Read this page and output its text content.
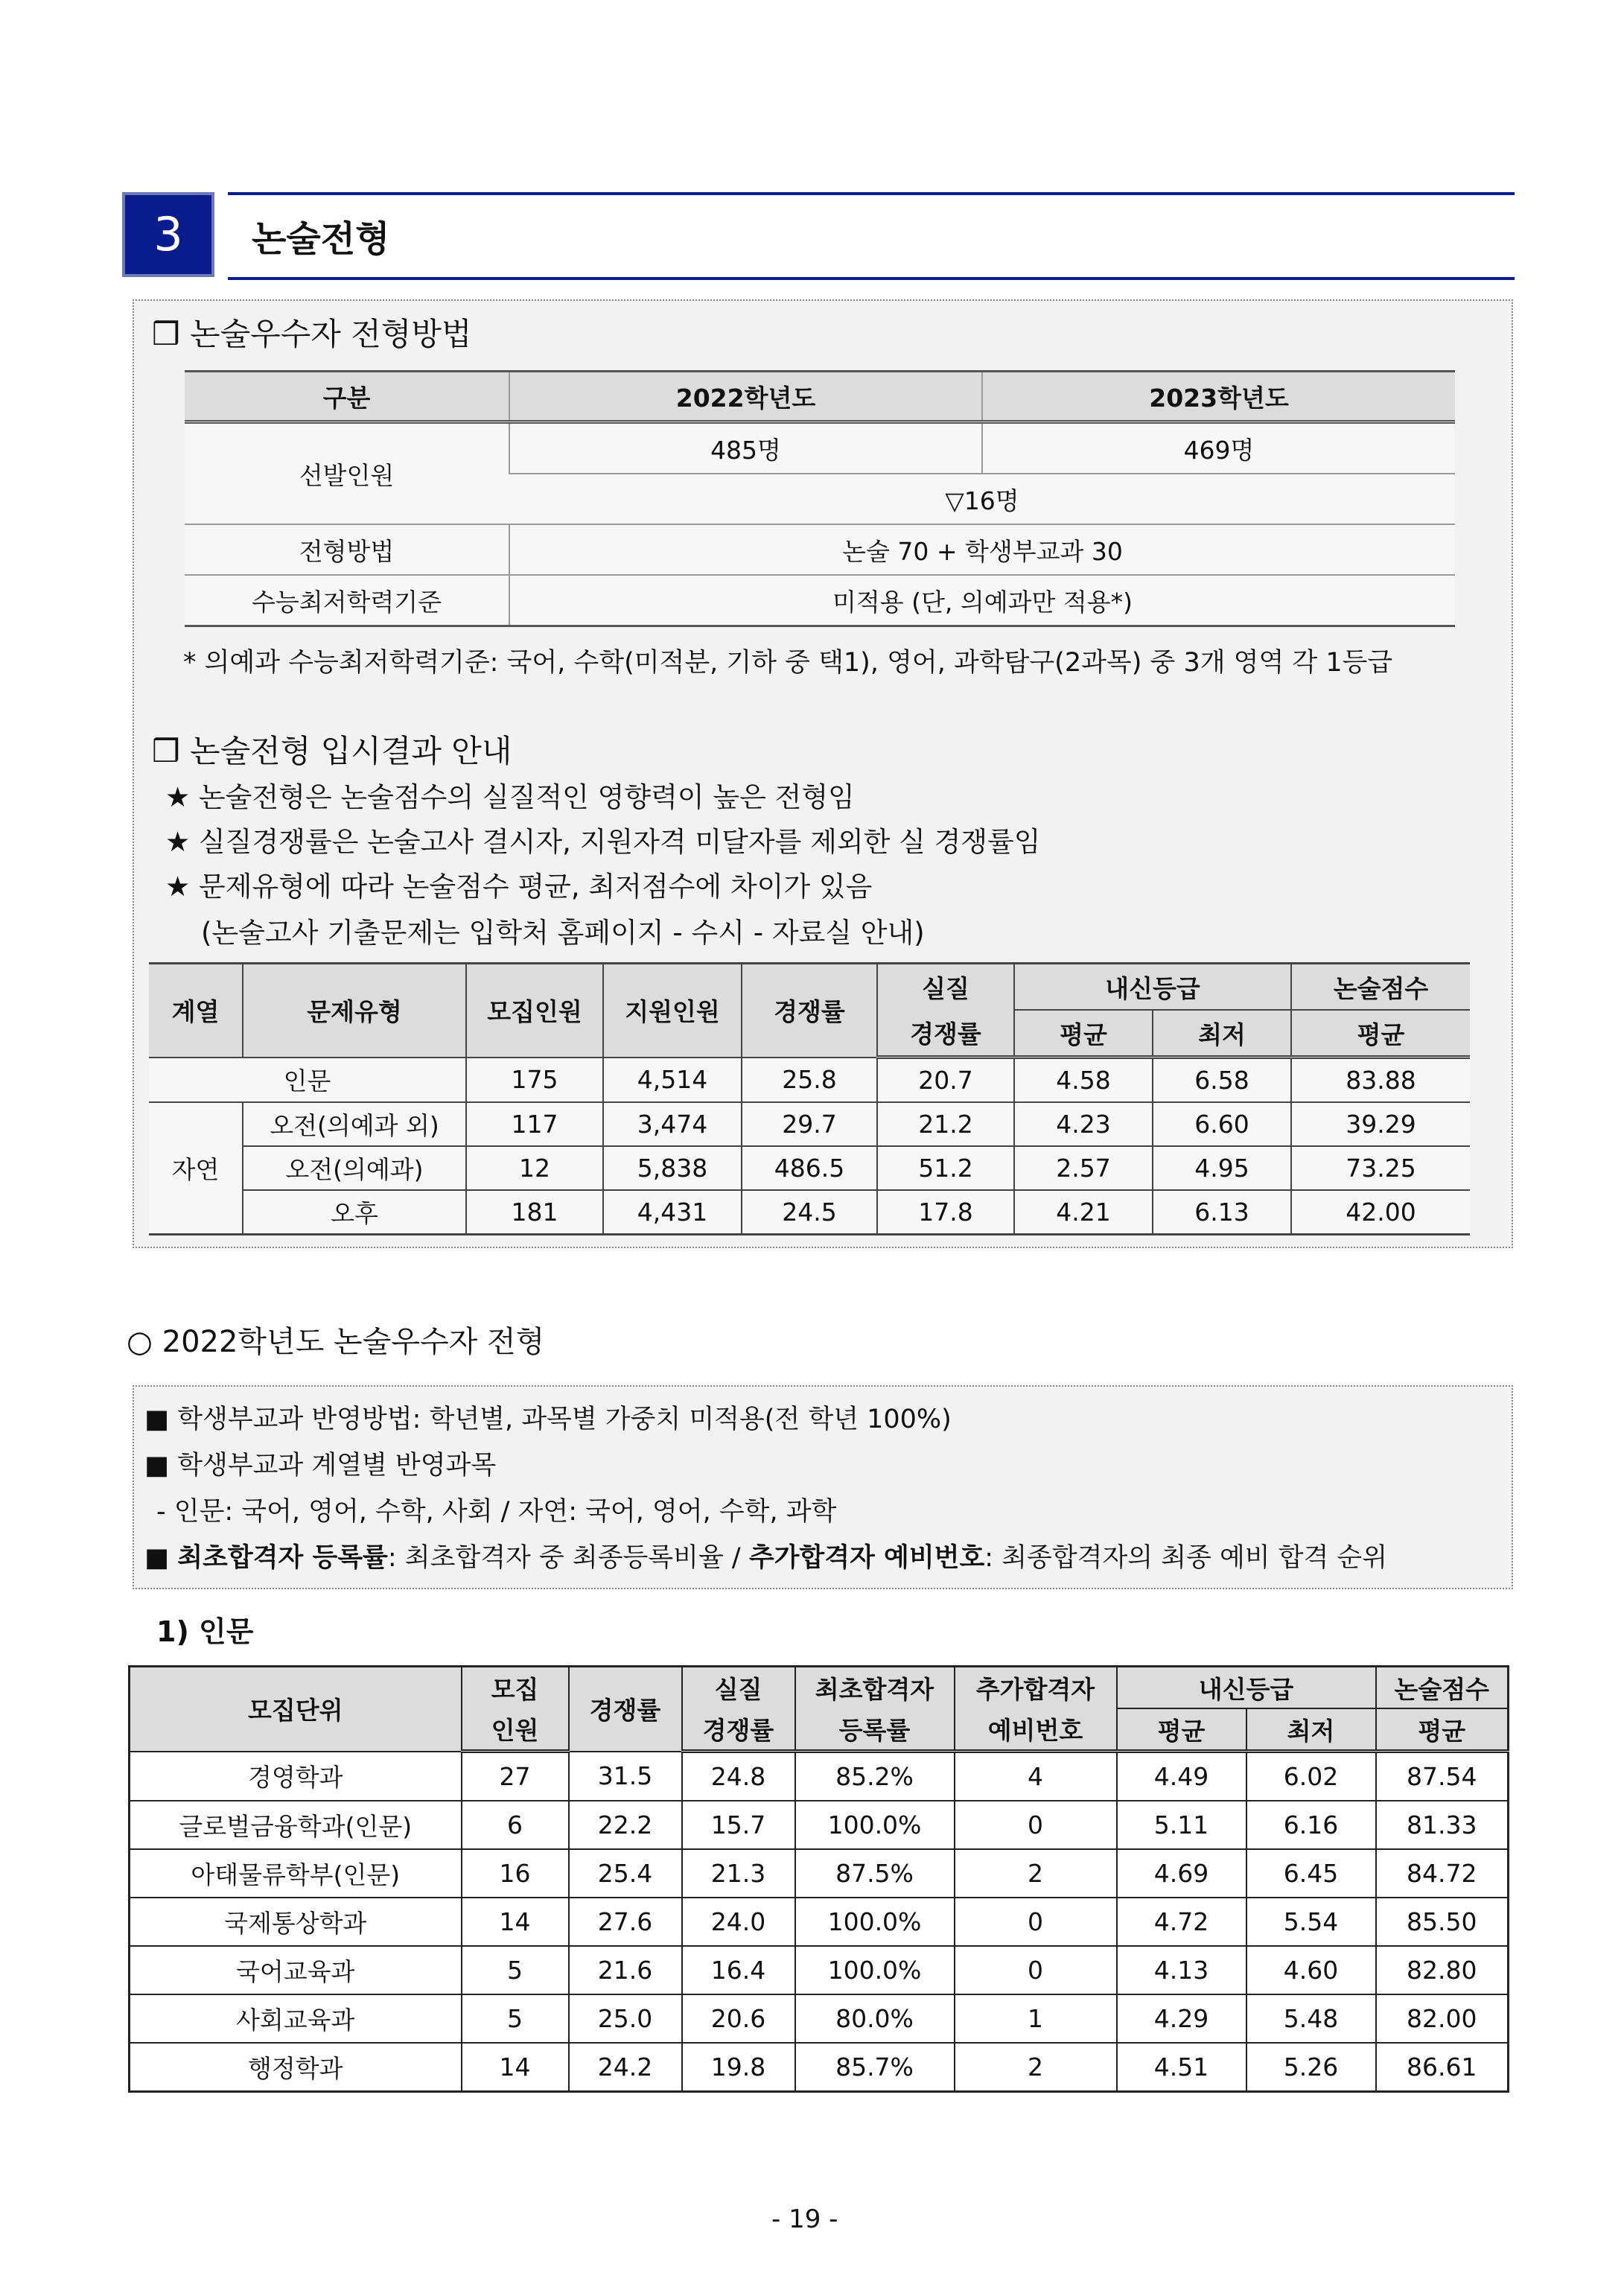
3	논술전형
❒ 논술우수자 전형방법
구분	2022학년도	2023학년도
선발인원	485명	469명
	▽16명	
전형방법	논술 70 + 학생부교과 30	
수능최저학력기준	미적용 (단, 의예과만 적용*)	
* 의예과 수능최저학력기준: 국어, 수학(미적분, 기하 중 택1), 영어, 과학탐구(2과목) 중 3개 영역 각 1등급
❒ 논술전형 입시결과 안내
★ 논술전형은 논술점수의 실질적인 영향력이 높은 전형임
★ 실질경쟁률은 논술고사 결시자, 지원자격 미달자를 제외한 실 경쟁률임
★ 문제유형에 따라 논술점수 평균, 최저점수에 차이가 있음
(논술고사 기출문제는 입학처 홈페이지 - 수시 - 자료실 안내)
계열	문제유형	모집인원	지원인원	경쟁률	실질	내신등급		논술점수
					경쟁률	평균	최저	평균
인문		175	4,514	25.8	20.7	4.58	6.58	83.88
자연	오전(의예과 외)	117	3,474	29.7	21.2	4.23	6.60	39.29
	오전(의예과)	12	5,838	486.5	51.2	2.57	4.95	73.25
	오후	181	4,431	24.5	17.8	4.21	6.13	42.00
○ 2022학년도 논술우수자 전형
■ 학생부교과 반영방법: 학년별, 과목별 가중치 미적용(전 학년 100%)
■ 학생부교과 계열별 반영과목
- 인문: 국어, 영어, 수학, 사회 / 자연: 국어, 영어, 수학, 과학
■ 최초합격자 등록률: 최초합격자 중 최종등록비율 / 추가합격자 예비번호: 최종합격자의 최종 예비 합격 순위
1) 인문
모집단위	모집	경쟁률	실질	최초합격자	추가합격자	내신등급		논술점수
	인원		경쟁률	등록률	예비번호	평균	최저	평균
경영학과	27	31.5	24.8	85.2%	4	4.49	6.02	87.54
글로벌금융학과(인문)	6	22.2	15.7	100.0%	0	5.11	6.16	81.33
아태물류학부(인문)	16	25.4	21.3	87.5%	2	4.69	6.45	84.72
국제통상학과	14	27.6	24.0	100.0%	0	4.72	5.54	85.50
국어교육과	5	21.6	16.4	100.0%	0	4.13	4.60	82.80
사회교육과	5	25.0	20.6	80.0%	1	4.29	5.48	82.00
행정학과	14	24.2	19.8	85.7%	2	4.51	5.26	86.61
- 19 -
